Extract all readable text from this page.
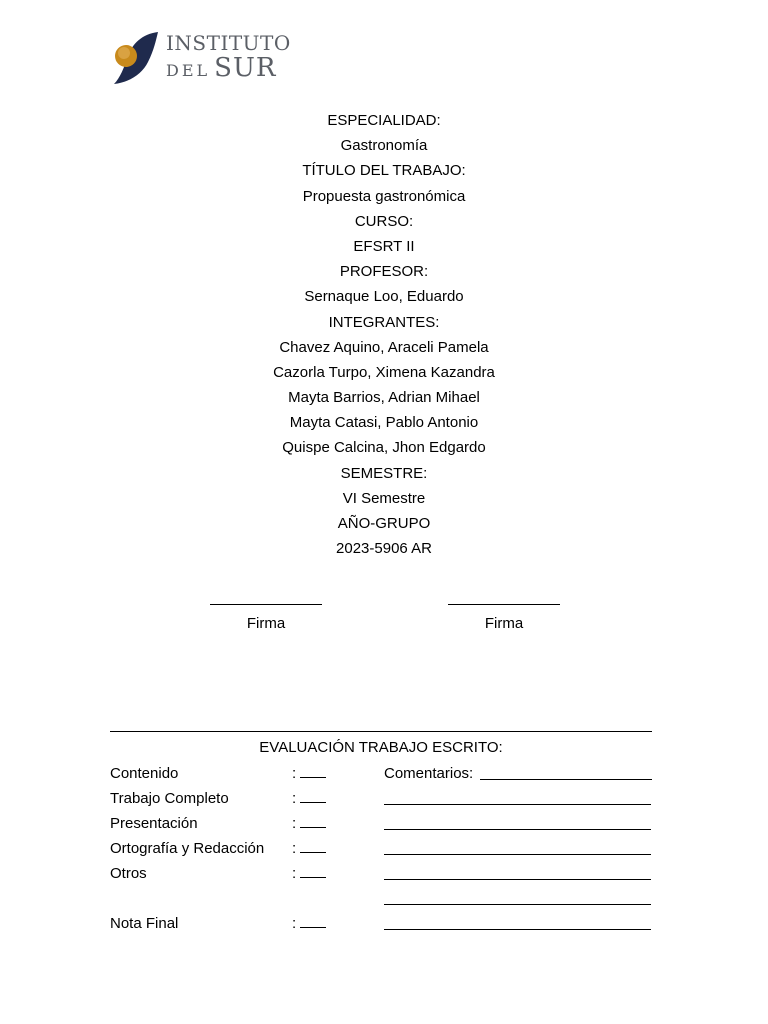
INSTITUTO
DEL SUR
ESPECIALIDAD:
Gastronomía
TÍTULO DEL TRABAJO:
Propuesta gastronómica
CURSO:
EFSRT II
PROFESOR:
Sernaque Loo, Eduardo
INTEGRANTES:
Chavez Aquino, Araceli Pamela
Cazorla Turpo, Ximena Kazandra
Mayta Barrios, Adrian Mihael
Mayta Catasi, Pablo Antonio
Quispe Calcina, Jhon Edgardo
SEMESTRE:
VI Semestre
AÑO-GRUPO
2023-5906 AR
Firma	Firma
EVALUACIÓN TRABAJO ESCRITO:
Contenido	:	Comentarios:
Trabajo Completo	:
Presentación	:
Ortografía y Redacción :
Otros	:
Nota Final	:
